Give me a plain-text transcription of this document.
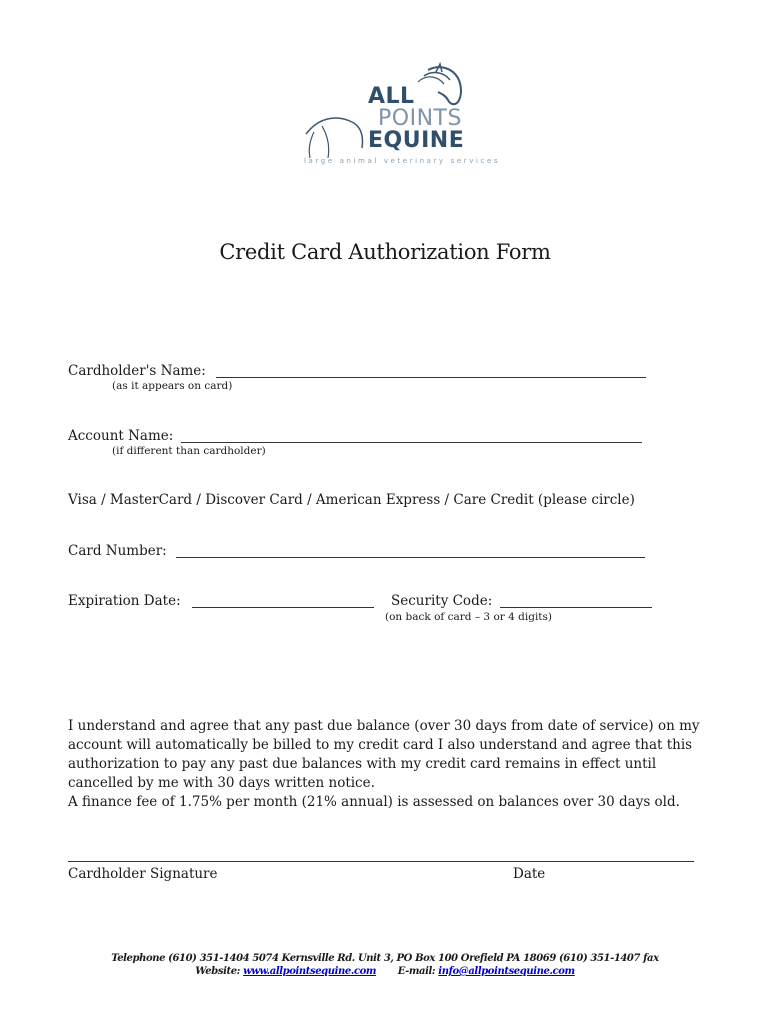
ALL
POINTS
EQUINE
large animal veterinary services
Credit Card Authorization Form
Cardholder's Name:
(as it appears on card)
Account Name:
(if different than cardholder)
Visa / MasterCard / Discover Card / American Express / Care Credit (please circle)
Card Number:
Expiration Date:	Security Code:
(on back of card – 3 or 4 digits)

I understand and agree that any past due balance (over 30 days from date of service) on my account will automatically be billed to my credit card I also understand and agree that this authorization to pay any past due balances with my credit card remains in effect until cancelled by me with 30 days written notice.

A finance fee of 1.75% per month (21% annual) is assessed on balances over 30 days old.

Cardholder Signature	Date
Telephone (610) 351-1404 5074 Kernsville Rd. Unit 3, PO Box 100 Orefield PA 18069 (610) 351-1407 fax
Website: www.allpointsequine.com E-mail: info@allpointsequine.com
